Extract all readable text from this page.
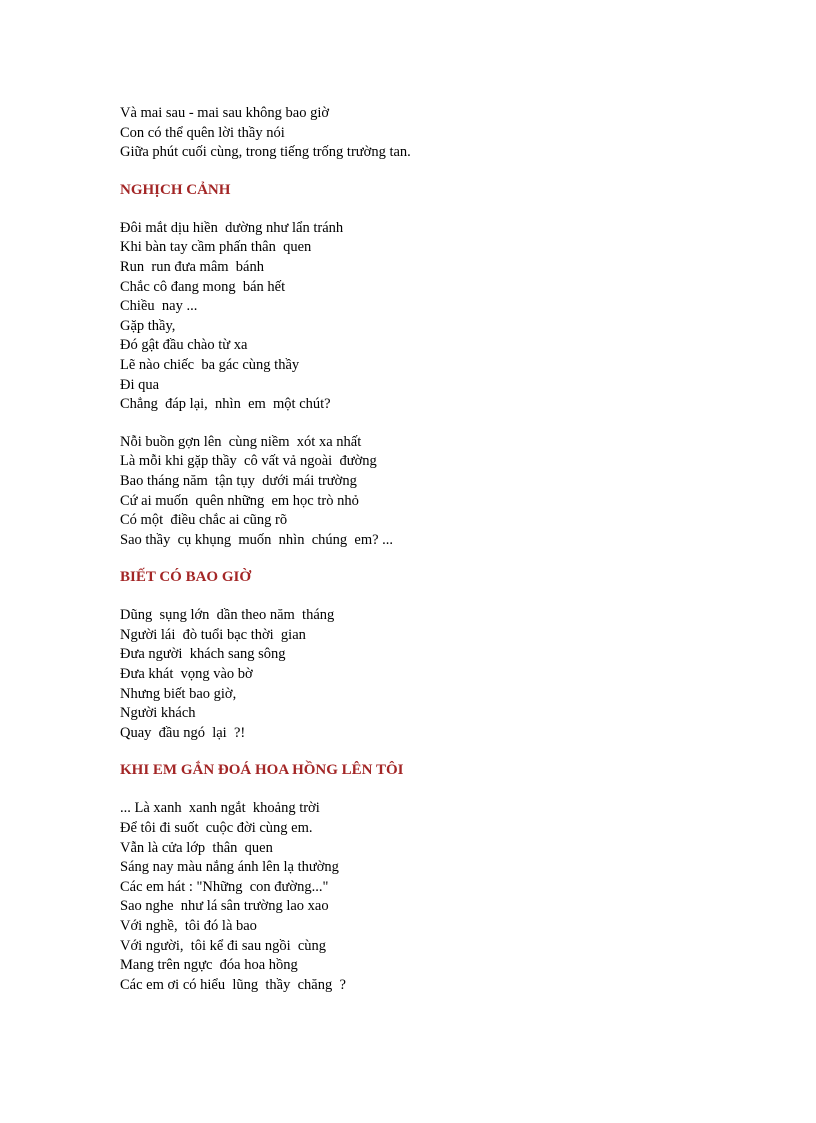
Và mai sau - mai sau không bao giờ
Con có thể quên lời thầy nói
Giữa phút cuối cùng, trong tiếng trống trường tan.
NGHỊCH CẢNH
Đôi mắt dịu hiền  dường như lẩn tránh
Khi bàn tay cầm phấn thân  quen
Run  run đưa mâm  bánh
Chắc cô đang mong  bán hết
Chiều  nay ...
Gặp thầy,
Đó gật đầu chào từ xa
Lẽ nào chiếc  ba gác cùng thầy
Đi qua
Chẳng  đáp lại,  nhìn  em  một chút?
Nỗi buồn gợn lên  cùng niềm  xót xa nhất
Là mỗi khi gặp thầy  cô vất vả ngoài  đường
Bao tháng năm  tận tụy  dưới mái trường
Cứ ai muốn  quên những  em học trò nhỏ
Có một  điều chắc ai cũng rõ
Sao thầy  cụ khụng  muốn  nhìn  chúng  em? ...
BIẾT CÓ BAO GIỜ
Dũng  sụng lớn  dần theo năm  tháng
Người lái  đò tuổi bạc thời  gian
Đưa người  khách sang sông
Đưa khát  vọng vào bờ
Nhưng biết bao giờ,
Người khách
Quay  đầu ngó  lại  ?!
KHI EM GẮN ĐOÁ HOA HỒNG LÊN TÔI
... Là xanh  xanh ngắt  khoảng trời
Để tôi đi suốt  cuộc đời cùng em.
Vẫn là cửa lớp  thân  quen
Sáng nay màu nắng ánh lên lạ thường
Các em hát : "Những  con đường..."
Sao nghe  như lá sân trường lao xao
Với nghề,  tôi đó là bao
Với người,  tôi kể đi sau ngồi  cùng
Mang trên ngực  đóa hoa hồng
Các em ơi có hiểu  lũng  thầy  chăng  ?
